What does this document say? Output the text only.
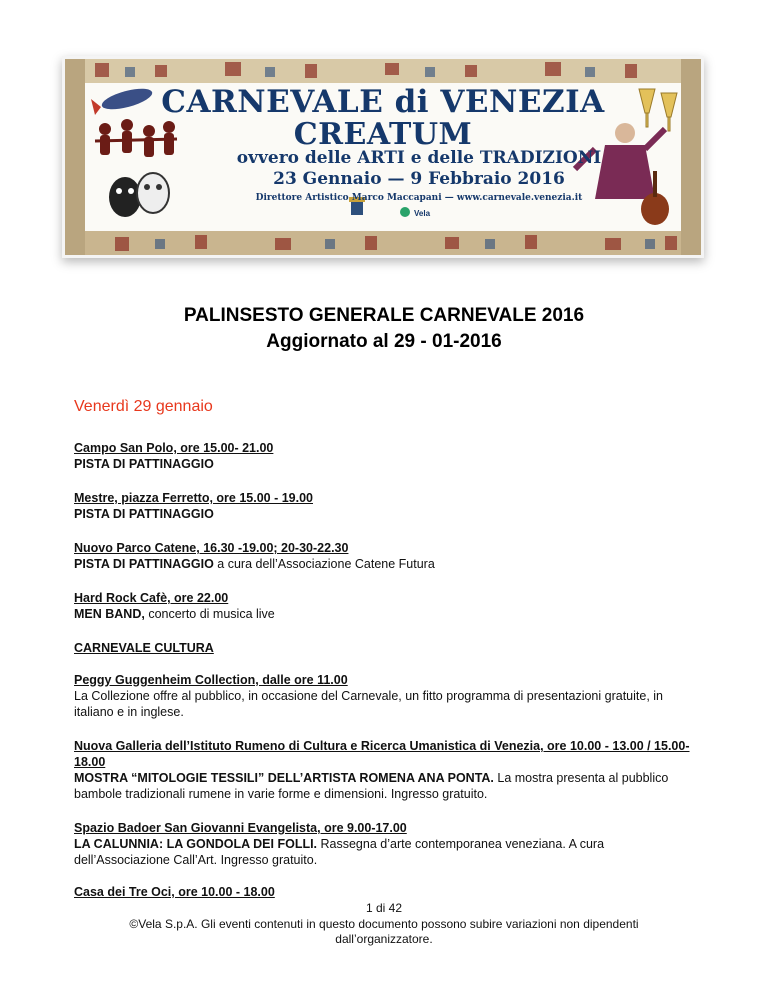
CARNEVALE di VENEZIA
CREATUM
ovvero delle ARTI e delle TRADIZIONI
23 Gennaio — 9 Febbraio 2016
Direttore Artistico Marco Maccapani — www.carnevale.venezia.it
Vela
PALINSESTO GENERALE CARNEVALE 2016
Aggiornato al 29 - 01-2016
Venerdì 29 gennaio
Campo San Polo, ore 15.00- 21.00
PISTA DI PATTINAGGIO
Mestre, piazza Ferretto, ore 15.00 - 19.00
PISTA DI PATTINAGGIO
Nuovo Parco Catene, 16.30 -19.00; 20-30-22.30
PISTA DI PATTINAGGIO a cura dell’Associazione Catene Futura
Hard Rock Cafè, ore 22.00
MEN BAND, concerto di musica live
CARNEVALE CULTURA
Peggy Guggenheim Collection, dalle ore 11.00
La Collezione offre al pubblico, in occasione del Carnevale, un fitto programma di presentazioni gratuite, in italiano e in inglese.
Nuova Galleria dell’Istituto Rumeno di Cultura e Ricerca Umanistica di Venezia, ore 10.00 - 13.00 / 15.00-18.00
MOSTRA “MITOLOGIE TESSILI” DELL’ARTISTA ROMENA ANA PONTA. La mostra presenta al pubblico bambole tradizionali rumene in varie forme e dimensioni. Ingresso gratuito.
Spazio Badoer San Giovanni Evangelista, ore 9.00-17.00
LA CALUNNIA: LA GONDOLA DEI FOLLI. Rassegna d’arte contemporanea veneziana. A cura dell’Associazione Call’Art. Ingresso gratuito.
Casa dei Tre Oci, ore 10.00 - 18.00
1 di 42
©Vela S.p.A. Gli eventi contenuti in questo documento possono subire variazioni non dipendenti
dall’organizzatore.
